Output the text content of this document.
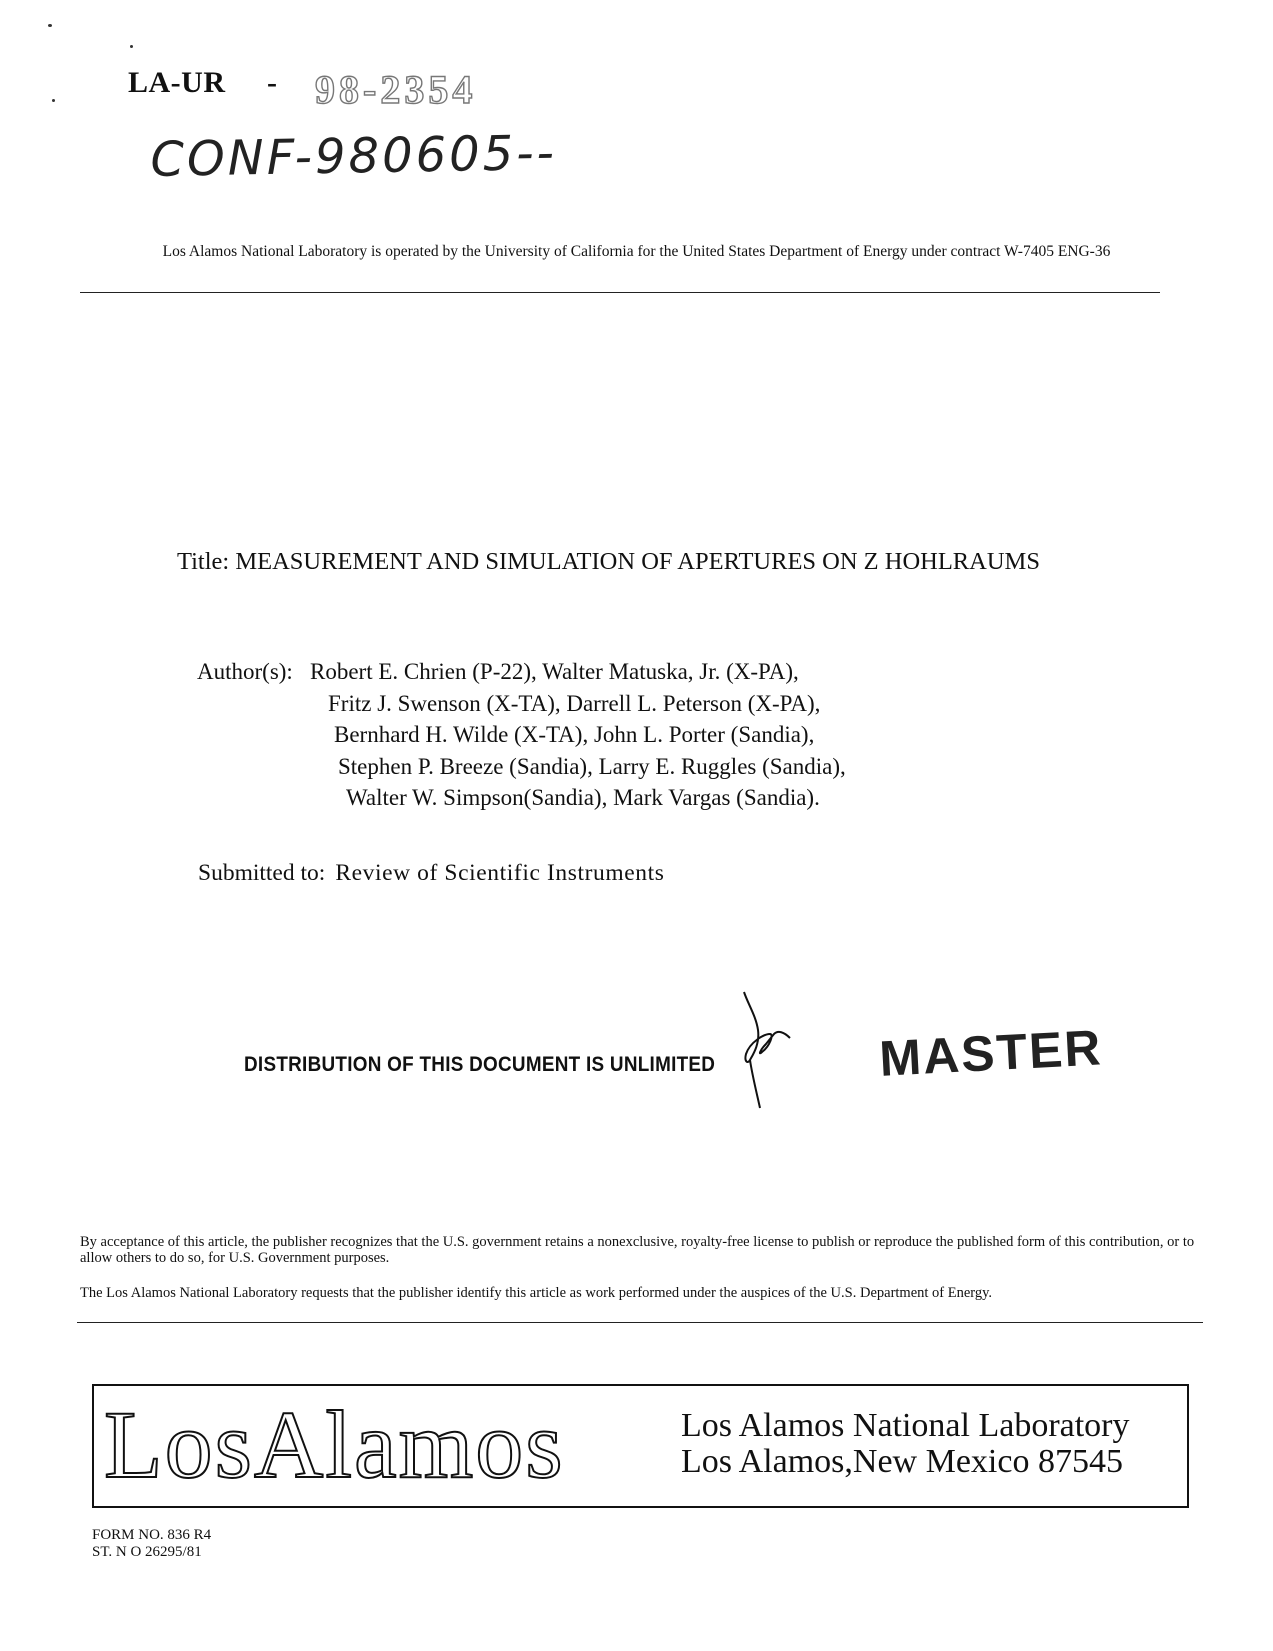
LA-UR - 98-2354
CONF-980605--
Los Alamos National Laboratory is operated by the University of California for the United States Department of Energy under contract W-7405 ENG-36
Title: MEASUREMENT AND SIMULATION OF APERTURES ON Z HOHLRAUMS
Author(s): Robert E. Chrien (P-22), Walter Matuska, Jr. (X-PA),
Fritz J. Swenson (X-TA), Darrell L. Peterson (X-PA),
Bernhard H. Wilde (X-TA), John L. Porter (Sandia),
Stephen P. Breeze (Sandia), Larry E. Ruggles (Sandia),
Walter W. Simpson(Sandia), Mark Vargas (Sandia).
Submitted to: Review of Scientific Instruments
DISTRIBUTION OF THIS DOCUMENT IS UNLIMITED	MASTER
By acceptance of this article, the publisher recognizes that the U.S. government retains a nonexclusive, royalty-free license to publish or reproduce the published form of this contribution, or to allow others to do so, for U.S. Government purposes.
The Los Alamos National Laboratory requests that the publisher identify this article as work performed under the auspices of the U.S. Department of Energy.
LosAlamos	Los Alamos National Laboratory
Los Alamos,New Mexico 87545
FORM NO. 836 R4
ST. N O 26295/81
